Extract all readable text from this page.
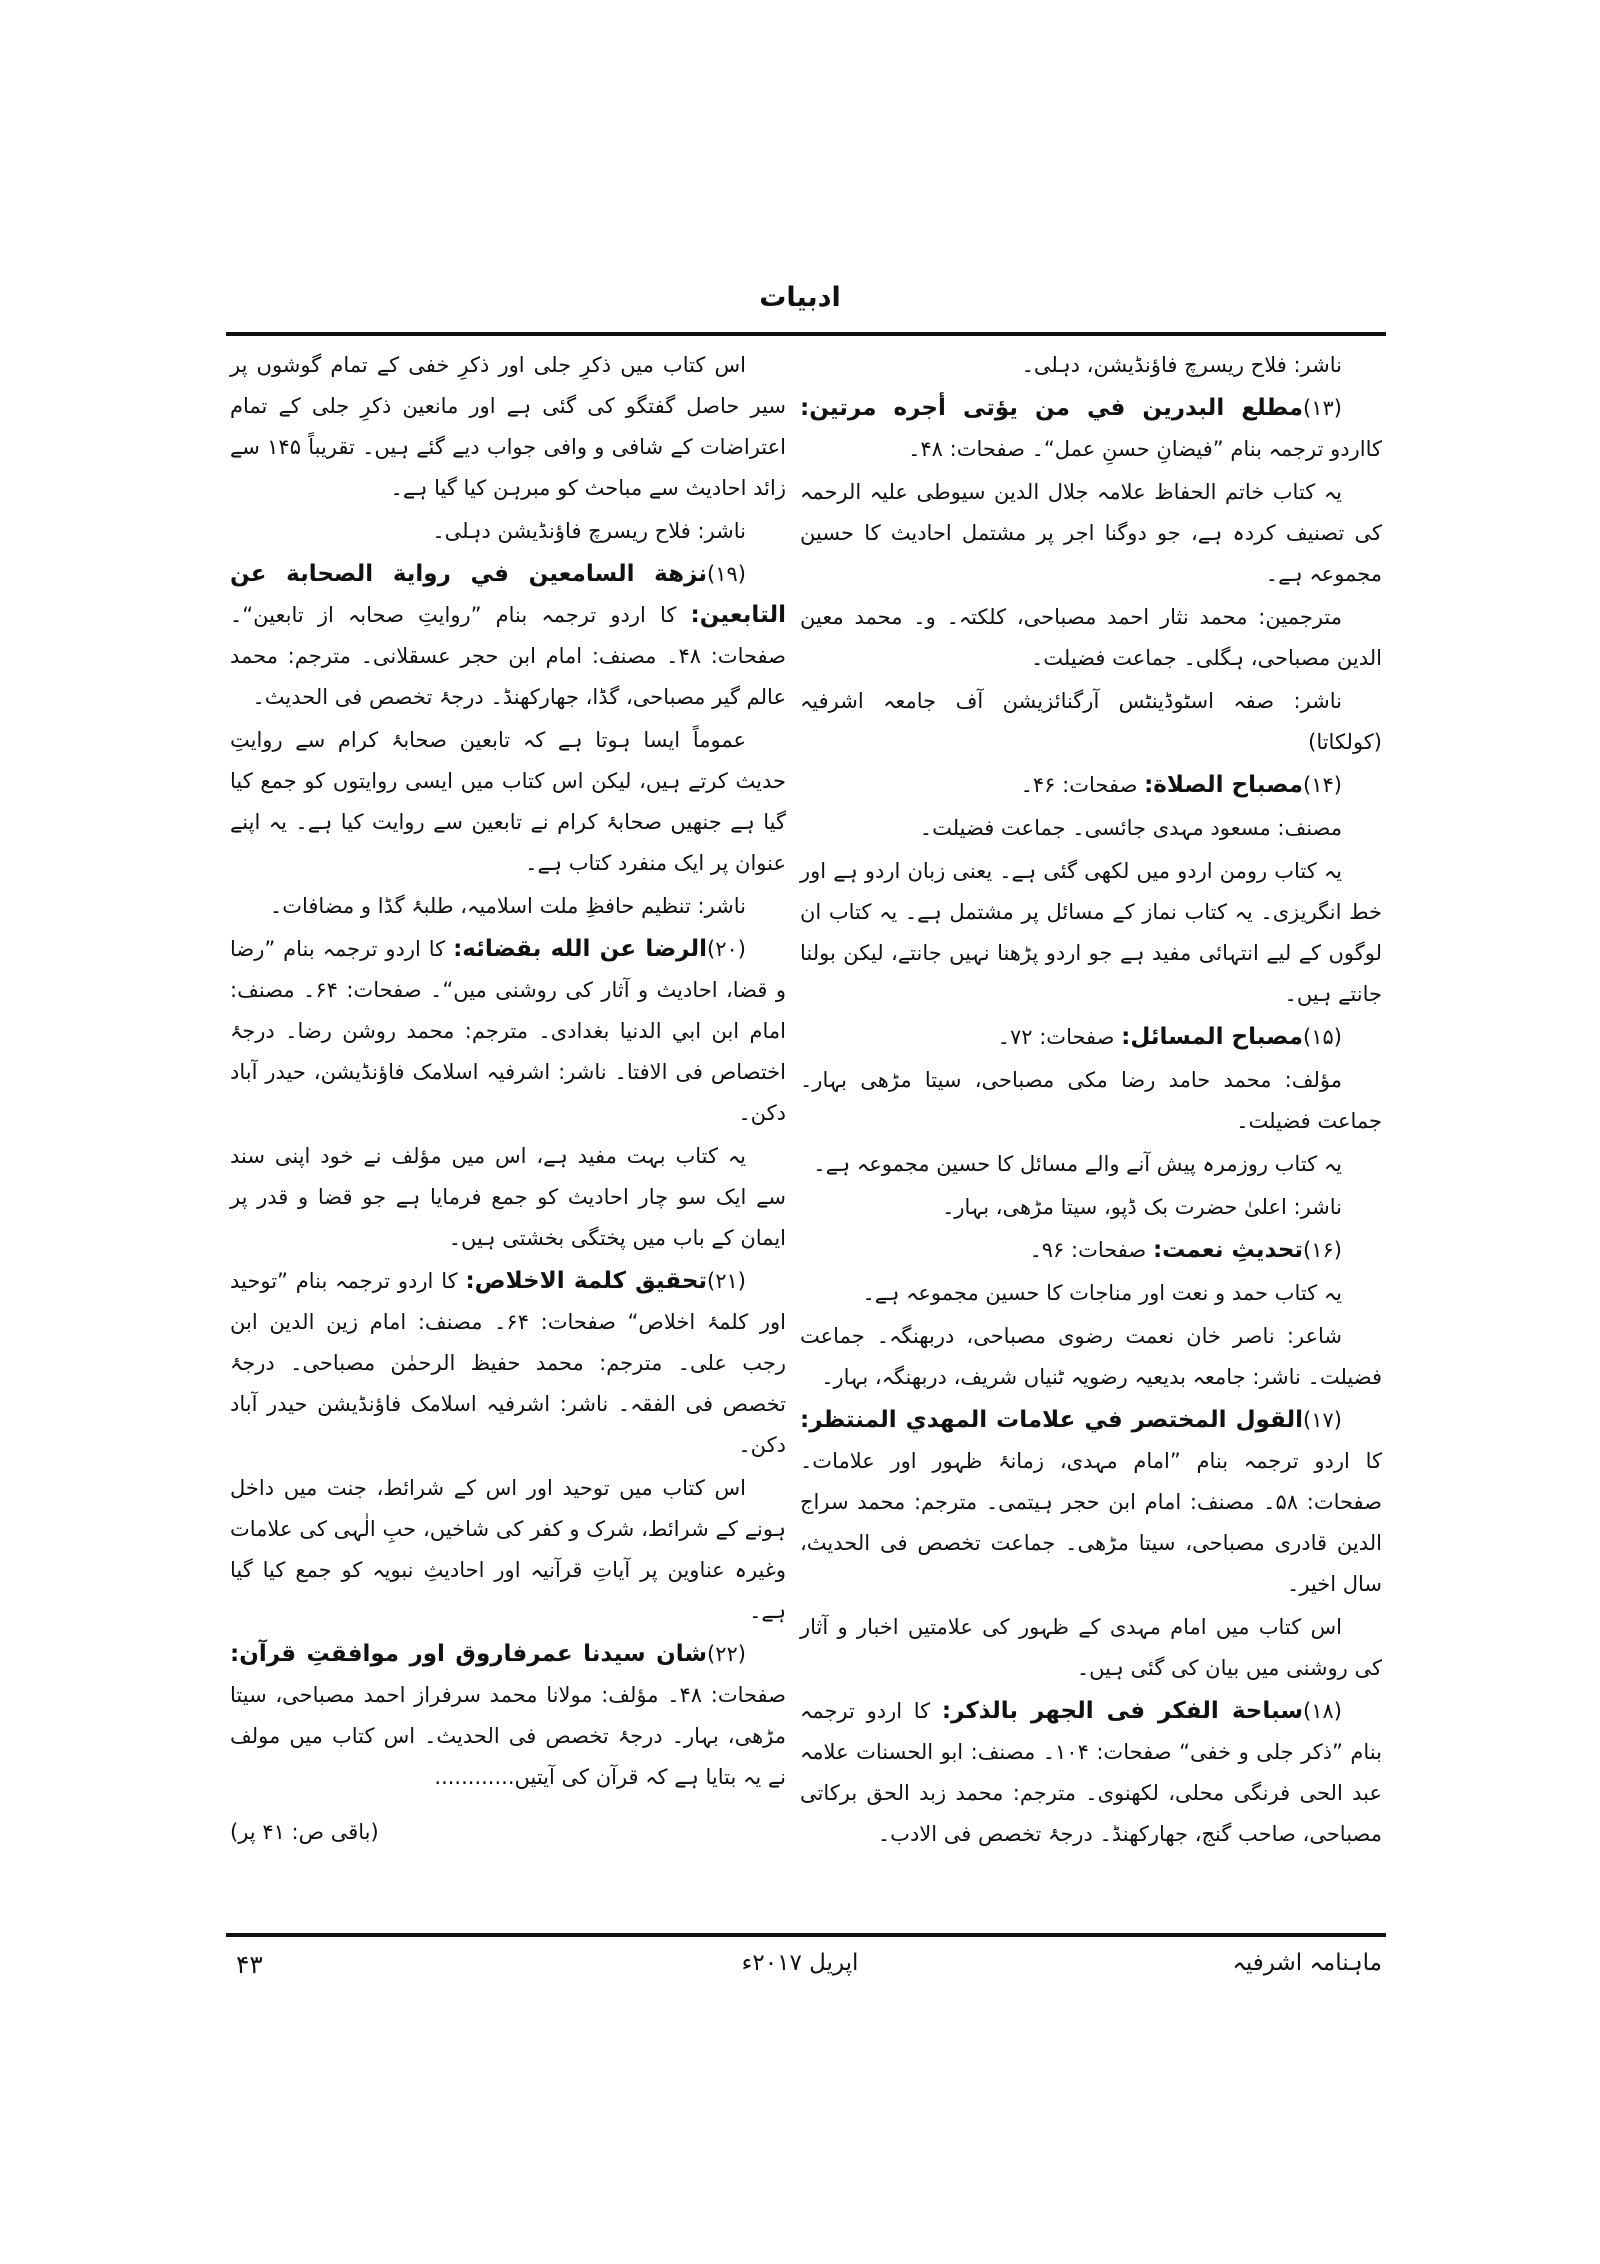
ادبیات

ناشر: فلاح ریسرچ فاؤنڈیشن، دہلی۔

(۱۳)مطلع البدرين في من يؤتى أجره مرتين: کااردو ترجمہ بنام ”فیضانِ حسنِ عمل“۔ صفحات: ۴۸۔

یہ کتاب خاتم الحفاظ علامہ جلال الدین سیوطی علیہ الرحمہ کی تصنیف کردہ ہے، جو دوگنا اجر پر مشتمل احادیث کا حسین مجموعہ ہے۔

مترجمین: محمد نثار احمد مصباحی، کلکتہ۔ و۔ محمد معین الدین مصباحی، ہگلی۔ جماعت فضیلت۔

ناشر: صفہ اسٹوڈینٹس آرگنائزیشن آف جامعہ اشرفیہ (کولکاتا)

(۱۴)مصباح الصلاة: صفحات: ۴۶۔

مصنف: مسعود مہدی جائسی۔ جماعت فضیلت۔

یہ کتاب رومن اردو میں لکھی گئی ہے۔ یعنی زبان اردو ہے اور خط انگریزی۔ یہ کتاب نماز کے مسائل پر مشتمل ہے۔ یہ کتاب ان لوگوں کے لیے انتہائی مفید ہے جو اردو پڑھنا نہیں جانتے، لیکن بولنا جانتے ہیں۔

(۱۵)مصباح المسائل: صفحات: ۷۲۔

مؤلف: محمد حامد رضا مکی مصباحی، سیتا مڑھی بہار۔ جماعت فضیلت۔

یہ کتاب روزمرہ پیش آنے والے مسائل کا حسین مجموعہ ہے۔

ناشر: اعلیٰ حضرت بک ڈپو، سیتا مڑھی، بہار۔

(۱۶)تحدیثِ نعمت: صفحات: ۹۶۔

یہ کتاب حمد و نعت اور مناجات کا حسین مجموعہ ہے۔

شاعر: ناصر خان نعمت رضوی مصباحی، دربھنگہ۔ جماعت فضیلت۔ ناشر: جامعہ بدیعیہ رضویہ ٹنیاں شریف، دربھنگہ، بہار۔

(۱۷)القول المختصر في علامات المهدي المنتظر: کا اردو ترجمہ بنام ”امام مہدی، زمانۂ ظہور اور علامات۔ صفحات: ۵۸۔ مصنف: امام ابن حجر ہیتمی۔ مترجم: محمد سراج الدین قادری مصباحی، سیتا مڑھی۔ جماعت تخصص فی الحدیث، سال اخیر۔

اس کتاب میں امام مہدی کے ظہور کی علامتیں اخبار و آثار کی روشنی میں بیان کی گئی ہیں۔

(۱۸)سباحة الفكر فى الجهر بالذكر: کا اردو ترجمہ بنام ”ذکر جلی و خفی“ صفحات: ۱۰۴۔ مصنف: ابو الحسنات علامہ عبد الحی فرنگی محلی، لکھنوی۔ مترجم: محمد زبد الحق برکاتی مصباحی، صاحب گنج، جھارکھنڈ۔ درجۂ تخصص فی الادب۔

اس کتاب میں ذکرِ جلی اور ذکرِ خفی کے تمام گوشوں پر سیر حاصل گفتگو کی گئی ہے اور مانعین ذکرِ جلی کے تمام اعتراضات کے شافی و وافی جواب دیے گئے ہیں۔ تقریباً ۱۴۵ سے زائد احادیث سے مباحث کو مبرہن کیا گیا ہے۔

ناشر: فلاح ریسرچ فاؤنڈیشن دہلی۔

(۱۹)نزهة السامعين في رواية الصحابة عن التابعين: کا اردو ترجمہ بنام ”روایتِ صحابہ از تابعین“۔ صفحات: ۴۸۔ مصنف: امام ابن حجر عسقلانی۔ مترجم: محمد عالم گیر مصباحی، گڈا، جھارکھنڈ۔ درجۂ تخصص فی الحدیث۔

عموماً ایسا ہوتا ہے کہ تابعین صحابۂ کرام سے روایتِ حدیث کرتے ہیں، لیکن اس کتاب میں ایسی روایتوں کو جمع کیا گیا ہے جنھیں صحابۂ کرام نے تابعین سے روایت کیا ہے۔ یہ اپنے عنوان پر ایک منفرد کتاب ہے۔

ناشر: تنظیم حافظِ ملت اسلامیہ، طلبۂ گڈا و مضافات۔

(۲۰)الرضا عن الله بقضائه: کا اردو ترجمہ بنام ”رضا و قضا، احادیث و آثار کی روشنی میں“۔ صفحات: ۶۴۔ مصنف: امام ابن ابي الدنيا بغدادی۔ مترجم: محمد روشن رضا۔ درجۂ اختصاص فی الافتا۔ ناشر: اشرفیہ اسلامک فاؤنڈیشن، حیدر آباد دکن۔

یہ کتاب بہت مفید ہے، اس میں مؤلف نے خود اپنی سند سے ایک سو چار احادیث کو جمع فرمایا ہے جو قضا و قدر پر ایمان کے باب میں پختگی بخشتی ہیں۔

(۲۱)تحقيق كلمة الاخلاص: کا اردو ترجمہ بنام ”توحید اور کلمۂ اخلاص“ صفحات: ۶۴۔ مصنف: امام زین الدین ابن رجب علی۔ مترجم: محمد حفیظ الرحمٰن مصباحی۔ درجۂ تخصص فی الفقہ۔ ناشر: اشرفیہ اسلامک فاؤنڈیشن حیدر آباد دکن۔

اس کتاب میں توحید اور اس کے شرائط، جنت میں داخل ہونے کے شرائط، شرک و کفر کی شاخیں، حبِ الٰہی کی علامات وغیرہ عناوین پر آیاتِ قرآنیہ اور احادیثِ نبویہ کو جمع کیا گیا ہے۔

(۲۲)شان سيدنا عمرفاروق اور موافقتِ قرآن: صفحات: ۴۸۔ مؤلف: مولانا محمد سرفراز احمد مصباحی، سیتا مڑھی، بہار۔ درجۂ تخصص فی الحدیث۔ اس کتاب میں مولف نے یہ بتایا ہے کہ قرآن کی آیتیں............

(باقی ص: ۴۱ پر)

ماہنامہ اشرفیہ
اپریل ۲۰۱۷ء
۴۳
